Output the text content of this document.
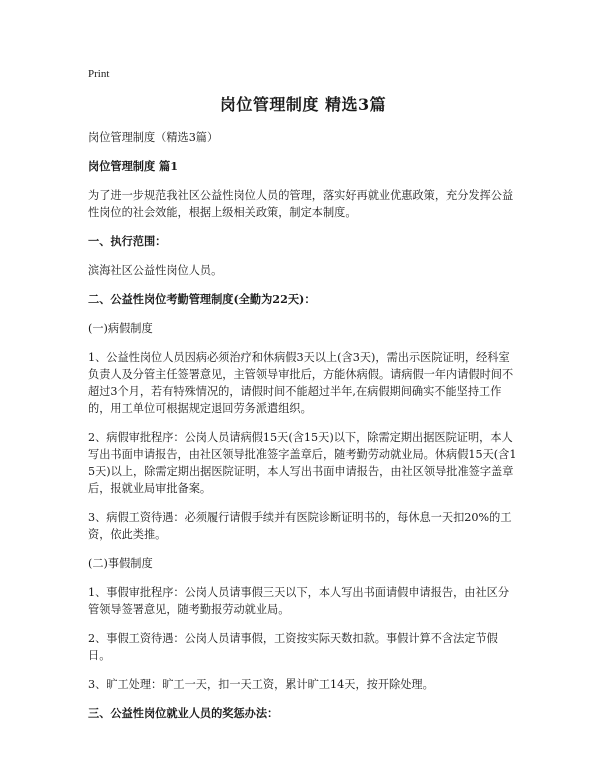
Print
岗位管理制度 精选3篇

岗位管理制度（精选3篇）

岗位管理制度 篇1

为了进一步规范我社区公益性岗位人员的管理，落实好再就业优惠政策，充分发挥公益性岗位的社会效能，根据上级相关政策，制定本制度。

一、执行范围：

滨海社区公益性岗位人员。

二、公益性岗位考勤管理制度(全勤为22天)：

(一)病假制度

1、公益性岗位人员因病必须治疗和休病假3天以上(含3天)，需出示医院证明，经科室负责人及分管主任签署意见，主管领导审批后，方能休病假。请病假一年内请假时间不超过3个月，若有特殊情况的，请假时间不能超过半年,在病假期间确实不能坚持工作的，用工单位可根据规定退回劳务派遣组织。

2、病假审批程序：公岗人员请病假15天(含15天)以下，除需定期出据医院证明，本人写出书面申请报告，由社区领导批准签字盖章后，随考勤劳动就业局。休病假15天(含15天)以上，除需定期出据医院证明，本人写出书面申请报告，由社区领导批准签字盖章后，报就业局审批备案。

3、病假工资待遇：必须履行请假手续并有医院诊断证明书的，每休息一天扣20%的工资，依此类推。

(二)事假制度

1、事假审批程序：公岗人员请事假三天以下，本人写出书面请假申请报告，由社区分管领导签署意见，随考勤报劳动就业局。

2、事假工资待遇：公岗人员请事假，工资按实际天数扣款。事假计算不含法定节假日。

3、旷工处理：旷工一天，扣一天工资，累计旷工14天，按开除处理。

三、公益性岗位就业人员的奖惩办法：
